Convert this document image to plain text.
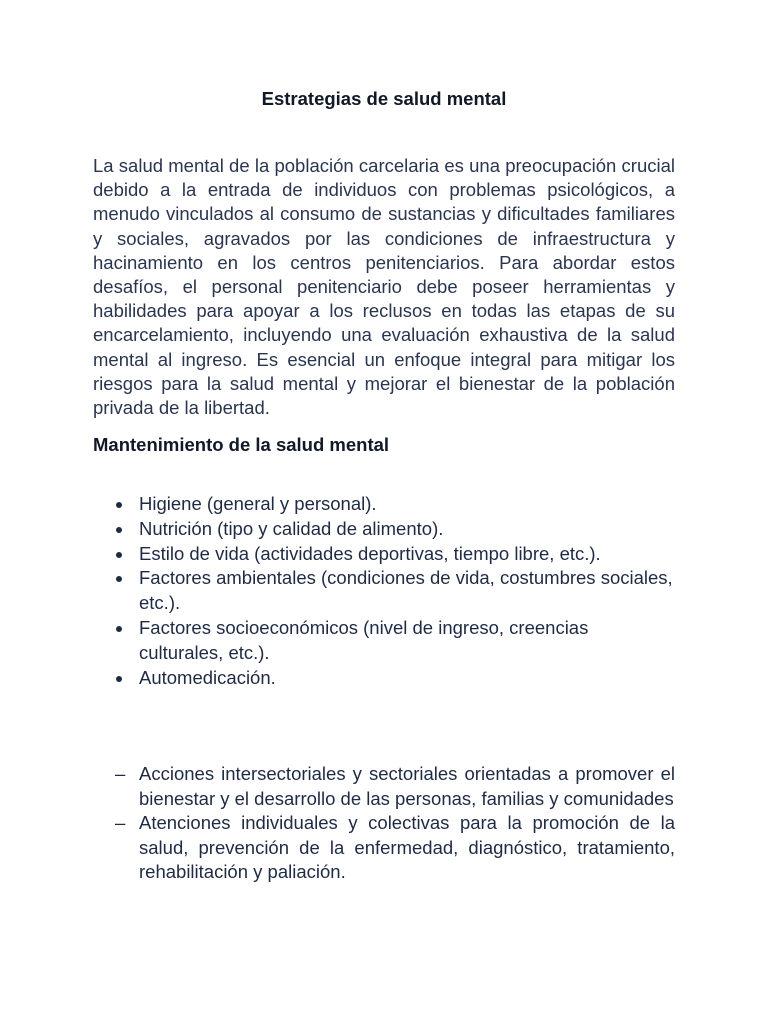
Estrategias de salud mental

La salud mental de la población carcelaria es una preocupación crucial debido a la entrada de individuos con problemas psicológicos, a menudo vinculados al consumo de sustancias y dificultades familiares y sociales, agravados por las condiciones de infraestructura y hacinamiento en los centros penitenciarios. Para abordar estos desafíos, el personal penitenciario debe poseer herramientas y habilidades para apoyar a los reclusos en todas las etapas de su encarcelamiento, incluyendo una evaluación exhaustiva de la salud mental al ingreso. Es esencial un enfoque integral para mitigar los riesgos para la salud mental y mejorar el bienestar de la población privada de la libertad.

Mantenimiento de la salud mental
Higiene (general y personal).
Nutrición (tipo y calidad de alimento).
Estilo de vida (actividades deportivas, tiempo libre, etc.).
Factores ambientales (condiciones de vida, costumbres sociales, etc.).
Factores socioeconómicos (nivel de ingreso, creencias culturales, etc.).
Automedicación.
– Acciones intersectoriales y sectoriales orientadas a promover el bienestar y el desarrollo de las personas, familias y comunidades
– Atenciones individuales y colectivas para la promoción de la salud, prevención de la enfermedad, diagnóstico, tratamiento, rehabilitación y paliación.
